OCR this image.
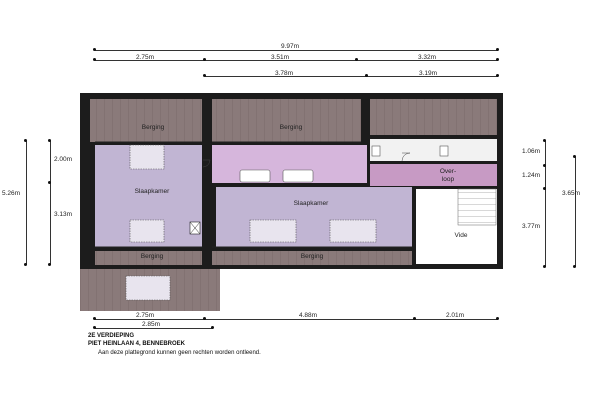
9.97m
2.75m	3.51m	3.32m
3.78m	3.19m
5.26m
2.00m
3.13m
1.06m
1.24m
3.77m
3.65m
2.75m	4.88m	2.01m
2.85m
Berging	Berging
Slaapkamer
Slaapkamer
Over-
loop
Berging	Berging
Vide
2E VERDIEPING
PIET HEINLAAN 4, BENNEBROEK
Aan deze plattegrond kunnen geen rechten worden ontleend.
